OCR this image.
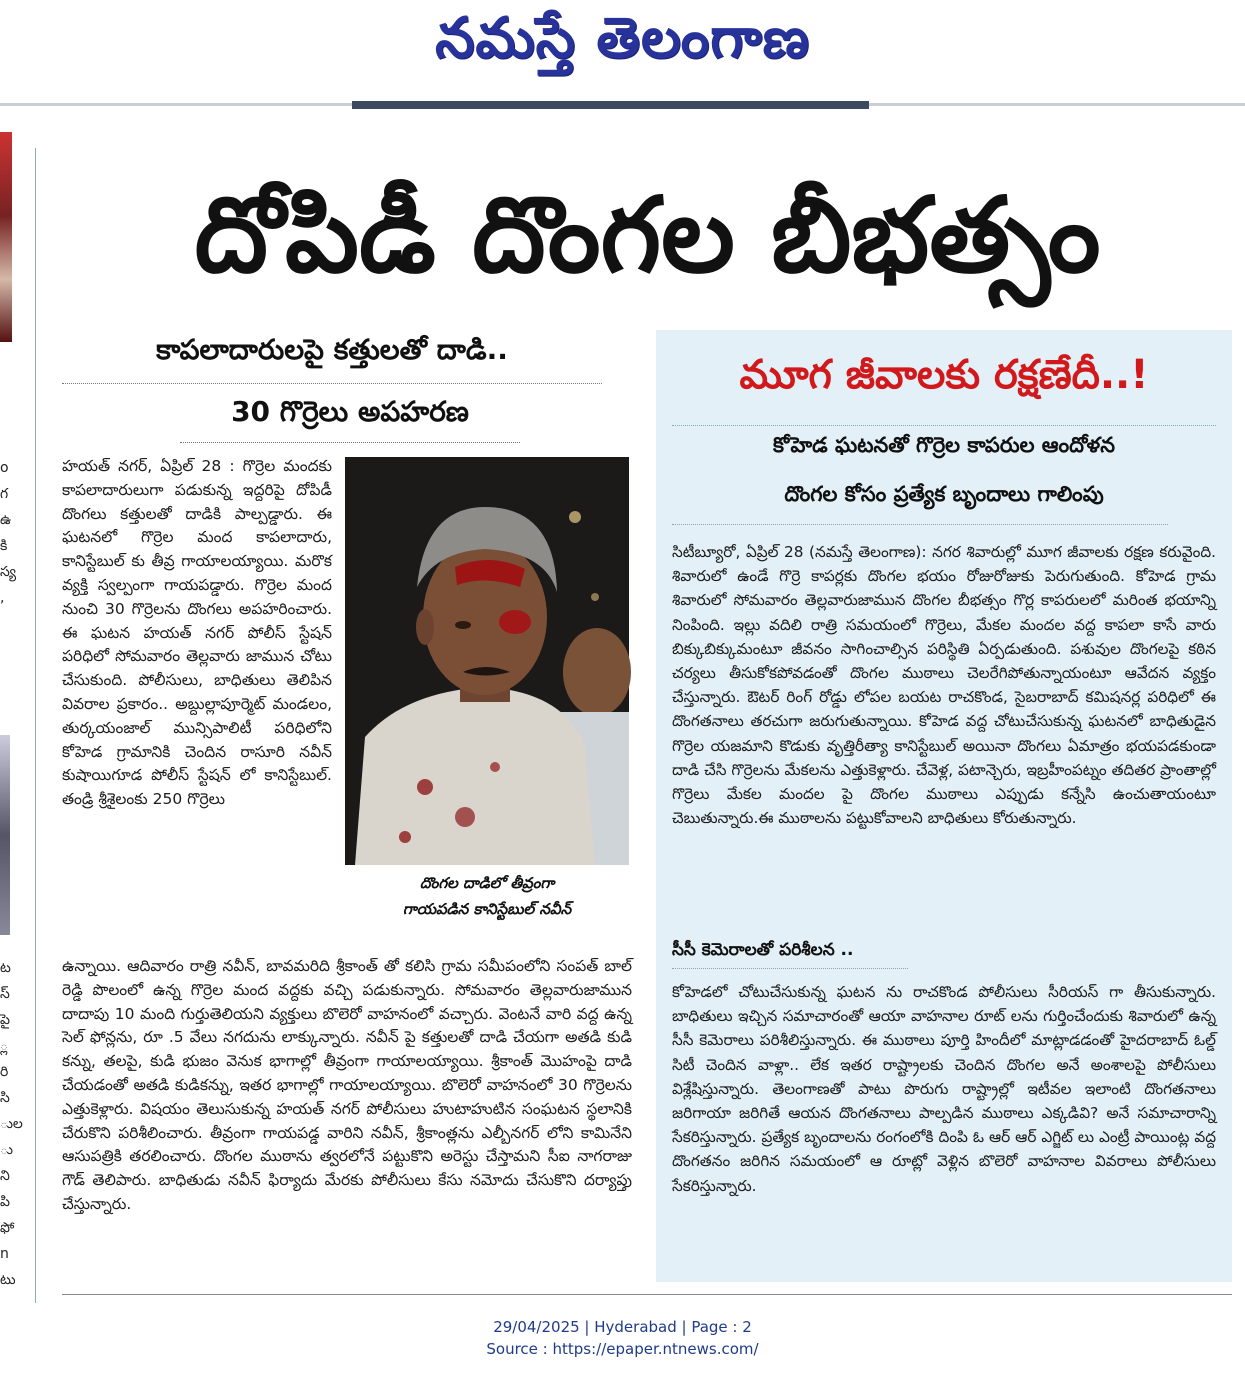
నమస్తే తెలంగాణ
o
గ
ఉ
కి
స్య
,
ట
స్
పై
్ల
రి
సి
ుల
ు
ని
పి
ఫో
n
టు
దోపిడీ దొంగల బీభత్సం
కాపలాదారులపై కత్తులతో దాడి..
30 గొర్రెలు అపహరణ
హయత్ నగర్, ఏప్రిల్ 28 : గొర్రెల మందకు కాపలాదారులుగా పడుకున్న ఇద్దరిపై దోపిడీ దొంగలు కత్తులతో దాడికి పాల్పడ్డారు. ఈ ఘటనలో గొర్రెల మంద కాపలాదారు, కానిస్టేబుల్ కు తీవ్ర గాయాలయ్యాయి. మరొక వ్యక్తి స్వల్పంగా గాయపడ్డారు. గొర్రెల మంద నుంచి 30 గొర్రెలను దొంగలు అపహరించారు. ఈ ఘటన హయత్ నగర్ పోలీస్ స్టేషన్ పరిధిలో సోమవారం తెల్లవారు జామున చోటు చేసుకుంది. పోలీసులు, బాధితులు తెలిపిన వివరాల ప్రకారం.. అబ్దుల్లాపూర్మెట్ మండలం, తుర్కయంజాల్ మున్సిపాలిటీ పరిధిలోని కోహెడ గ్రామానికి చెందిన రాసూరి నవీన్ కుషాయిగూడ పోలీస్ స్టేషన్ లో కానిస్టేబుల్. తండ్రి శ్రీశైలంకు 250 గొర్రెలు
దొంగల దాడిలో తీవ్రంగా
గాయపడిన కానిస్టేబుల్ నవీన్
ఉన్నాయి. ఆదివారం రాత్రి నవీన్, బావమరిది శ్రీకాంత్ తో కలిసి గ్రామ సమీపంలోని సంపత్ బాల్ రెడ్డి పొలంలో ఉన్న గొర్రెల మంద వద్దకు వచ్చి పడుకున్నారు. సోమవారం తెల్లవారుజామున దాదాపు 10 మంది గుర్తుతెలియని వ్యక్తులు బొలెరో వాహనంలో వచ్చారు. వెంటనే వారి వద్ద ఉన్న సెల్ ఫోన్లను, రూ .5 వేలు నగదును లాక్కున్నారు. నవీన్ పై కత్తులతో దాడి చేయగా అతడి కుడి కన్ను, తలపై, కుడి భుజం వెనుక భాగాల్లో తీవ్రంగా గాయాలయ్యాయి. శ్రీకాంత్ మొహంపై దాడి చేయడంతో అతడి కుడికన్ను, ఇతర భాగాల్లో గాయాలయ్యాయి. బొలెరో వాహనంలో 30 గొర్రెలను ఎత్తుకెళ్లారు. విషయం తెలుసుకున్న హయత్ నగర్ పోలీసులు హుటాహుటిన సంఘటన స్థలానికి చేరుకొని పరిశీలించారు. తీవ్రంగా గాయపడ్డ వారిని నవీన్, శ్రీకాంత్లను ఎల్బీనగర్ లోని కామినేని ఆసుపత్రికి తరలించారు. దొంగల ముఠాను త్వరలోనే పట్టుకొని అరెస్టు చేస్తామని సీఐ నాగరాజు గౌడ్ తెలిపారు. బాధితుడు నవీన్ ఫిర్యాదు మేరకు పోలీసులు కేసు నమోదు చేసుకొని దర్యాప్తు చేస్తున్నారు.
మూగ జీవాలకు రక్షణేదీ..!
కోహెడ ఘటనతో గొర్రెల కాపరుల ఆందోళన
దొంగల కోసం ప్రత్యేక బృందాలు గాలింపు
సిటీబ్యూరో, ఏప్రిల్ 28 (నమస్తే తెలంగాణ): నగర శివారుల్లో మూగ జీవాలకు రక్షణ కరువైంది. శివారులో ఉండే గొర్రె కాపర్లకు దొంగల భయం రోజురోజుకు పెరుగుతుంది. కోహెడ గ్రామ శివారులో సోమవారం తెల్లవారుజామున దొంగల బీభత్సం గొర్ల కాపరులలో మరింత భయాన్ని నింపింది. ఇల్లు వదిలి రాత్రి సమయంలో గొర్రెలు, మేకల మందల వద్ద కాపలా కాసే వారు బిక్కుబిక్కుమంటూ జీవనం సాగించాల్సిన పరిస్థితి ఏర్పడుతుంది. పశువుల దొంగలపై కఠిన చర్యలు తీసుకోకపోవడంతో దొంగల ముఠాలు చెలరేగిపోతున్నాయంటూ ఆవేదన వ్యక్తం చేస్తున్నారు. ఔటర్ రింగ్ రోడ్డు లోపల బయట రాచకొండ, సైబరాబాద్ కమిషనర్ల పరిధిలో ఈ దొంగతనాలు తరచుగా జరుగుతున్నాయి. కోహెడ వద్ద చోటుచేసుకున్న ఘటనలో బాధితుడైన గొర్రెల యజమాని కొడుకు వృత్తిరీత్యా కానిస్టేబుల్ అయినా దొంగలు ఏమాత్రం భయపడకుండా దాడి చేసి గొర్రెలను మేకలను ఎత్తుకెళ్లారు. చేవెళ్ల, పటాన్చెరు, ఇబ్రహీంపట్నం తదితర ప్రాంతాల్లో గొర్రెలు మేకల మందల పై దొంగల ముఠాలు ఎప్పుడు కన్నేసి ఉంచుతాయంటూ చెబుతున్నారు.ఈ ముఠాలను పట్టుకోవాలని బాధితులు కోరుతున్నారు.
సీసీ కెమెరాలతో పరిశీలన ..
కోహెడలో చోటుచేసుకున్న ఘటన ను రాచకొండ పోలీసులు సీరియస్ గా తీసుకున్నారు. బాధితులు ఇచ్చిన సమాచారంతో ఆయా వాహనాల రూట్ లను గుర్తించేందుకు శివారులో ఉన్న సీసీ కెమెరాలు పరిశీలిస్తున్నారు. ఈ ముఠాలు పూర్తి హిందీలో మాట్లాడడంతో హైదరాబాద్ ఓల్డ్ సిటీ చెందిన వాళ్లా.. లేక ఇతర రాష్ట్రాలకు చెందిన దొంగల అనే అంశాలపై పోలీసులు విశ్లేషిస్తున్నారు. తెలంగాణతో పాటు పొరుగు రాష్ట్రాల్లో ఇటీవల ఇలాంటి దొంగతనాలు జరిగాయా జరిగితే ఆయన దొంగతనాలు పాల్పడిన ముఠాలు ఎక్కడివి? అనే సమాచారాన్ని సేకరిస్తున్నారు. ప్రత్యేక బృందాలను రంగంలోకి దింపి ఓ ఆర్ ఆర్ ఎగ్జిట్ లు ఎంట్రీ పాయింట్ల వద్ద దొంగతనం జరిగిన సమయంలో ఆ రూట్లో వెళ్లిన బొలెరో వాహనాల వివరాలు పోలీసులు సేకరిస్తున్నారు.
29/04/2025 | Hyderabad | Page : 2
Source : https://epaper.ntnews.com/
